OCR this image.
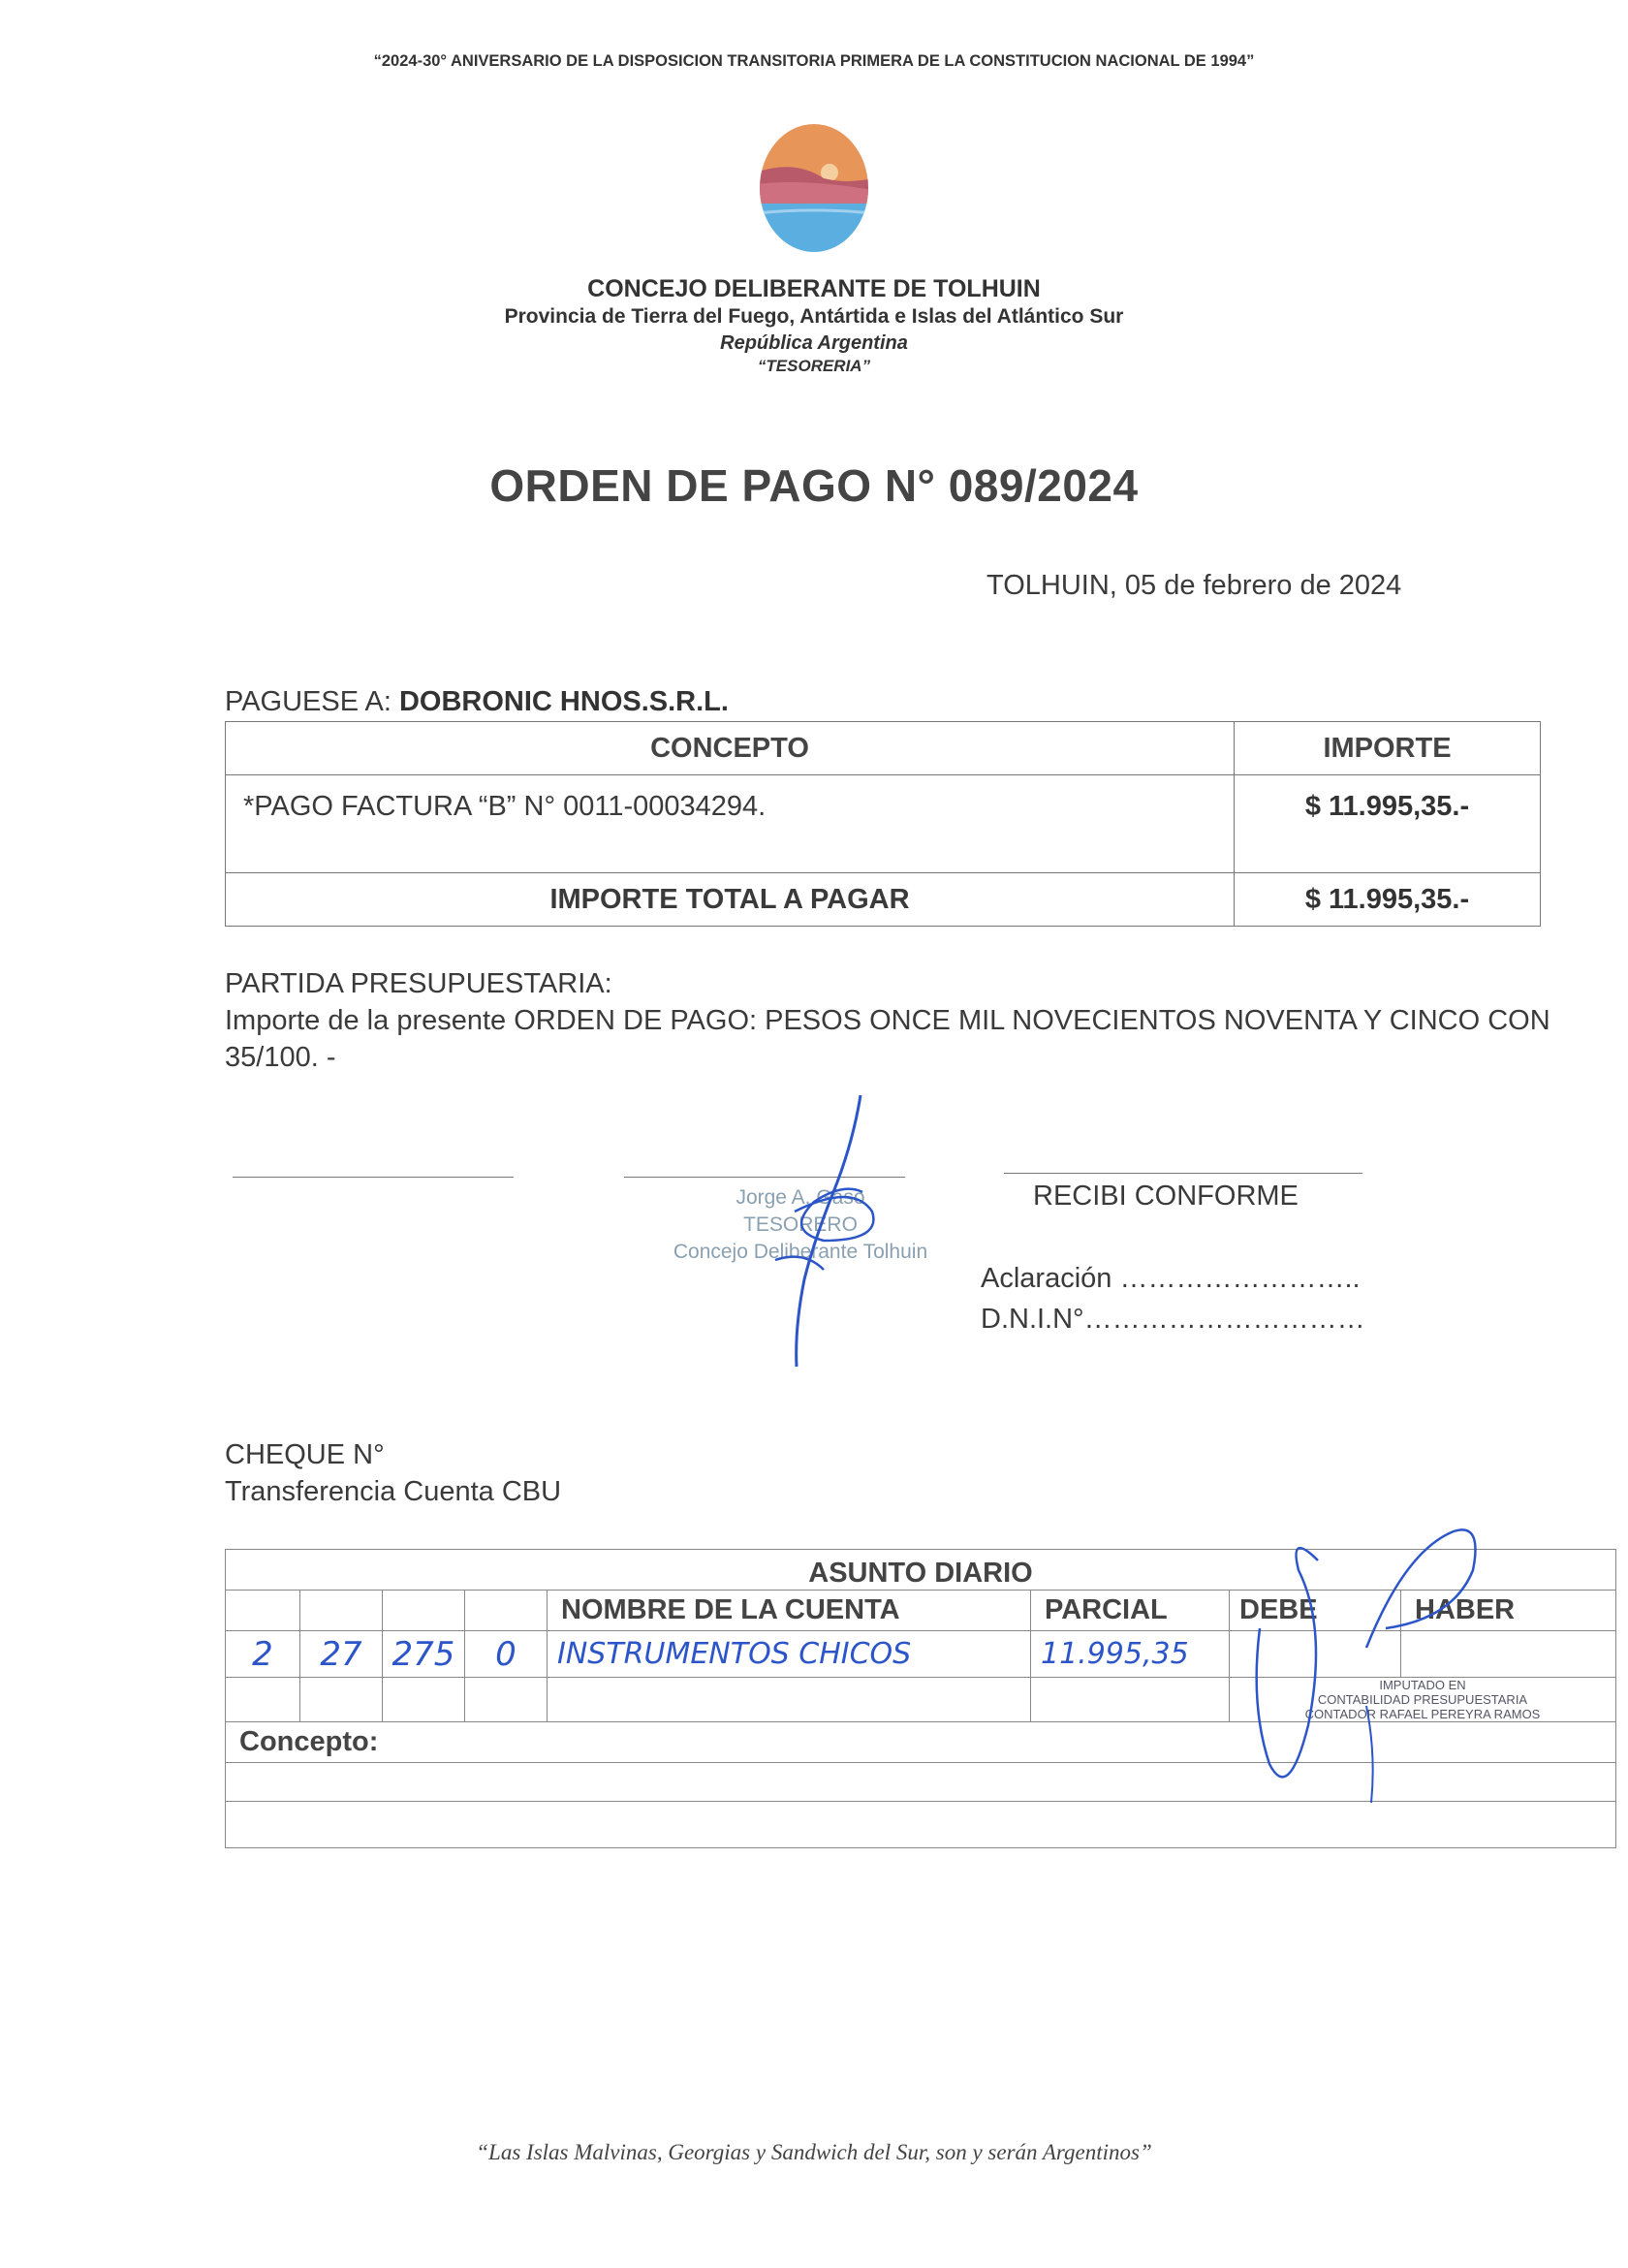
“2024-30° ANIVERSARIO DE LA DISPOSICION TRANSITORIA PRIMERA DE LA CONSTITUCION NACIONAL DE 1994”
CONCEJO DELIBERANTE DE TOLHUIN
Provincia de Tierra del Fuego, Antártida e Islas del Atlántico Sur
República Argentina
“TESORERIA”
ORDEN DE PAGO N° 089/2024
TOLHUIN, 05 de febrero de 2024
PAGUESE A: DOBRONIC HNOS.S.R.L.
CONCEPTO	IMPORTE
*PAGO FACTURA “B” N° 0011-00034294.	$ 11.995,35.-
IMPORTE TOTAL A PAGAR	$ 11.995,35.-
PARTIDA PRESUPUESTARIA:
Importe de la presente ORDEN DE PAGO: PESOS ONCE MIL NOVECIENTOS NOVENTA Y CINCO CON 35/100. -
Jorge A. Gaso
TESORERO
Concejo Deliberante Tolhuin
RECIBI CONFORME
Aclaración ……………………..
D.N.I.N°…………………………
CHEQUE N°
Transferencia Cuenta CBU
ASUNTO DIARIO							
				NOMBRE DE LA CUENTA	PARCIAL	DEBE	HABER
2	27	275	0	INSTRUMENTOS CHICOS	11.995,35		

						IMPUTADO EN
CONTABILIDAD PRESUPUESTARIA
CONTADOR RAFAEL PEREYRA RAMOS	

Concepto:							

“Las Islas Malvinas, Georgias y Sandwich del Sur, son y serán Argentinos”
